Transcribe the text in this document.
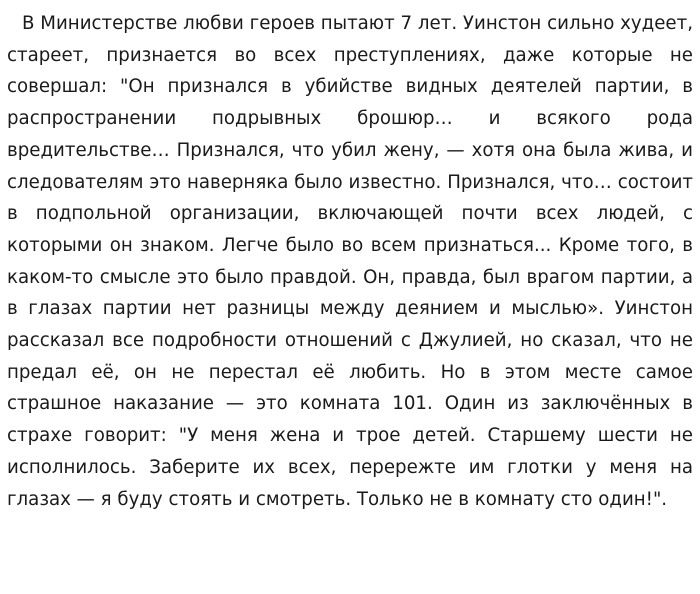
В Министерстве любви героев пытают 7 лет. Уинстон сильно худеет, стареет, признается во всех преступлениях, даже которые не совершал: "Он признался в убийстве видных деятелей партии, в распространении подрывных брошюр… и всякого рода вредительстве… Признался, что убил жену, — хотя она была жива, и следователям это наверняка было известно. Признался, что… состоит в подпольной организации, включающей почти всех людей, с которыми он знаком. Легче было во всем признаться... Кроме того, в каком-то смысле это было правдой. Он, правда, был врагом партии, а в глазах партии нет разницы между деянием и мыслью». Уинстон рассказал все подробности отношений с Джулией, но сказал, что не предал её, он не перестал её любить. Но в этом месте самое страшное наказание — это комната 101. Один из заключённых в страхе говорит: "У меня жена и трое детей. Старшему шести не исполнилось. Заберите их всех, перережте им глотки у меня на глазах — я буду стоять и смотреть. Только не в комнату сто один!".
